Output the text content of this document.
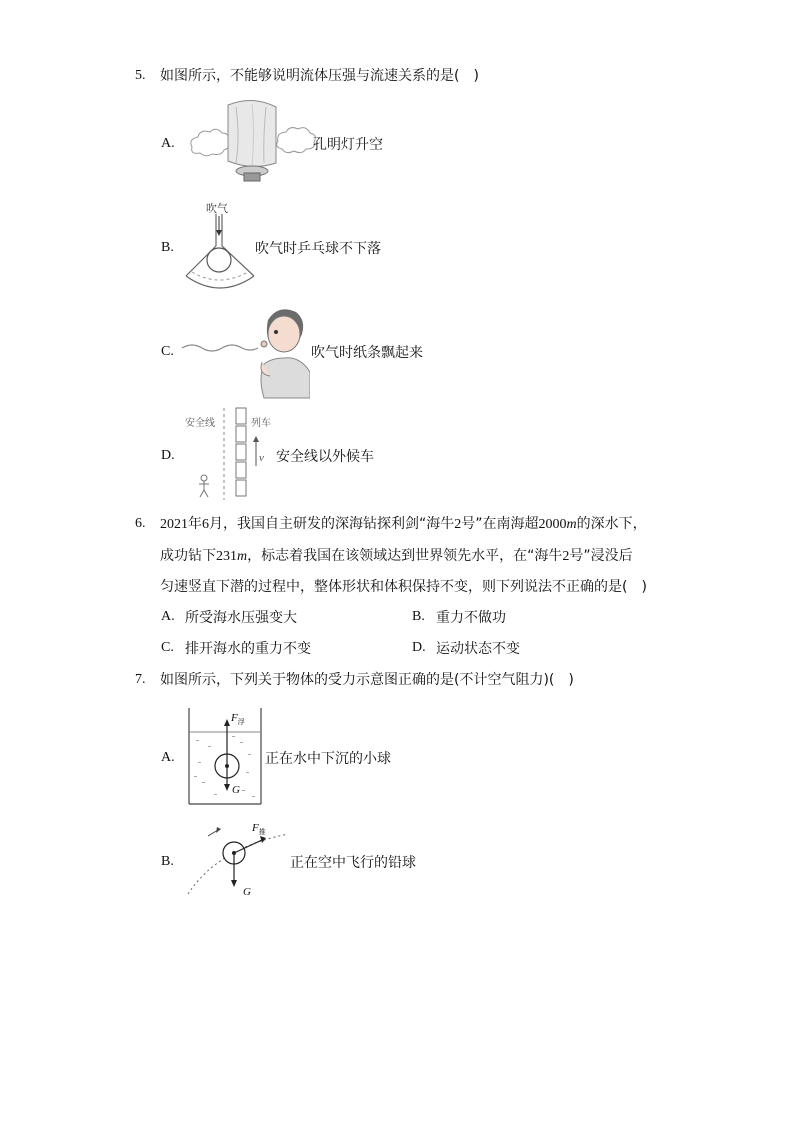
5. 如图所示，不能够说明流体压强与流速关系的是(　)
A.	孔明灯升空
B.
吹气
吹气时乒乓球不下落
C.	吹气时纸条飘起来
D.
安全线	列车
v 安全线以外候车
6. 2021年6月，我国自主研发的深海钻探利剑“海牛2号”在南海超2000m的深水下，
成功钻下231m，标志着我国在该领域达到世界领先水平，在“海牛2号”浸没后
匀速竖直下潜的过程中，整体形状和体积保持不变，则下列说法不正确的是(　)
A. 所受海水压强变大	B. 重力不做功
C. 排开海水的重力不变	D. 运动状态不变
7. 如图所示，下列关于物体的受力示意图正确的是(不计空气阻力)(　)
A.
$F_浮$
G
正在水中下沉的小球
B.
$F_推$
G
正在空中飞行的铅球
